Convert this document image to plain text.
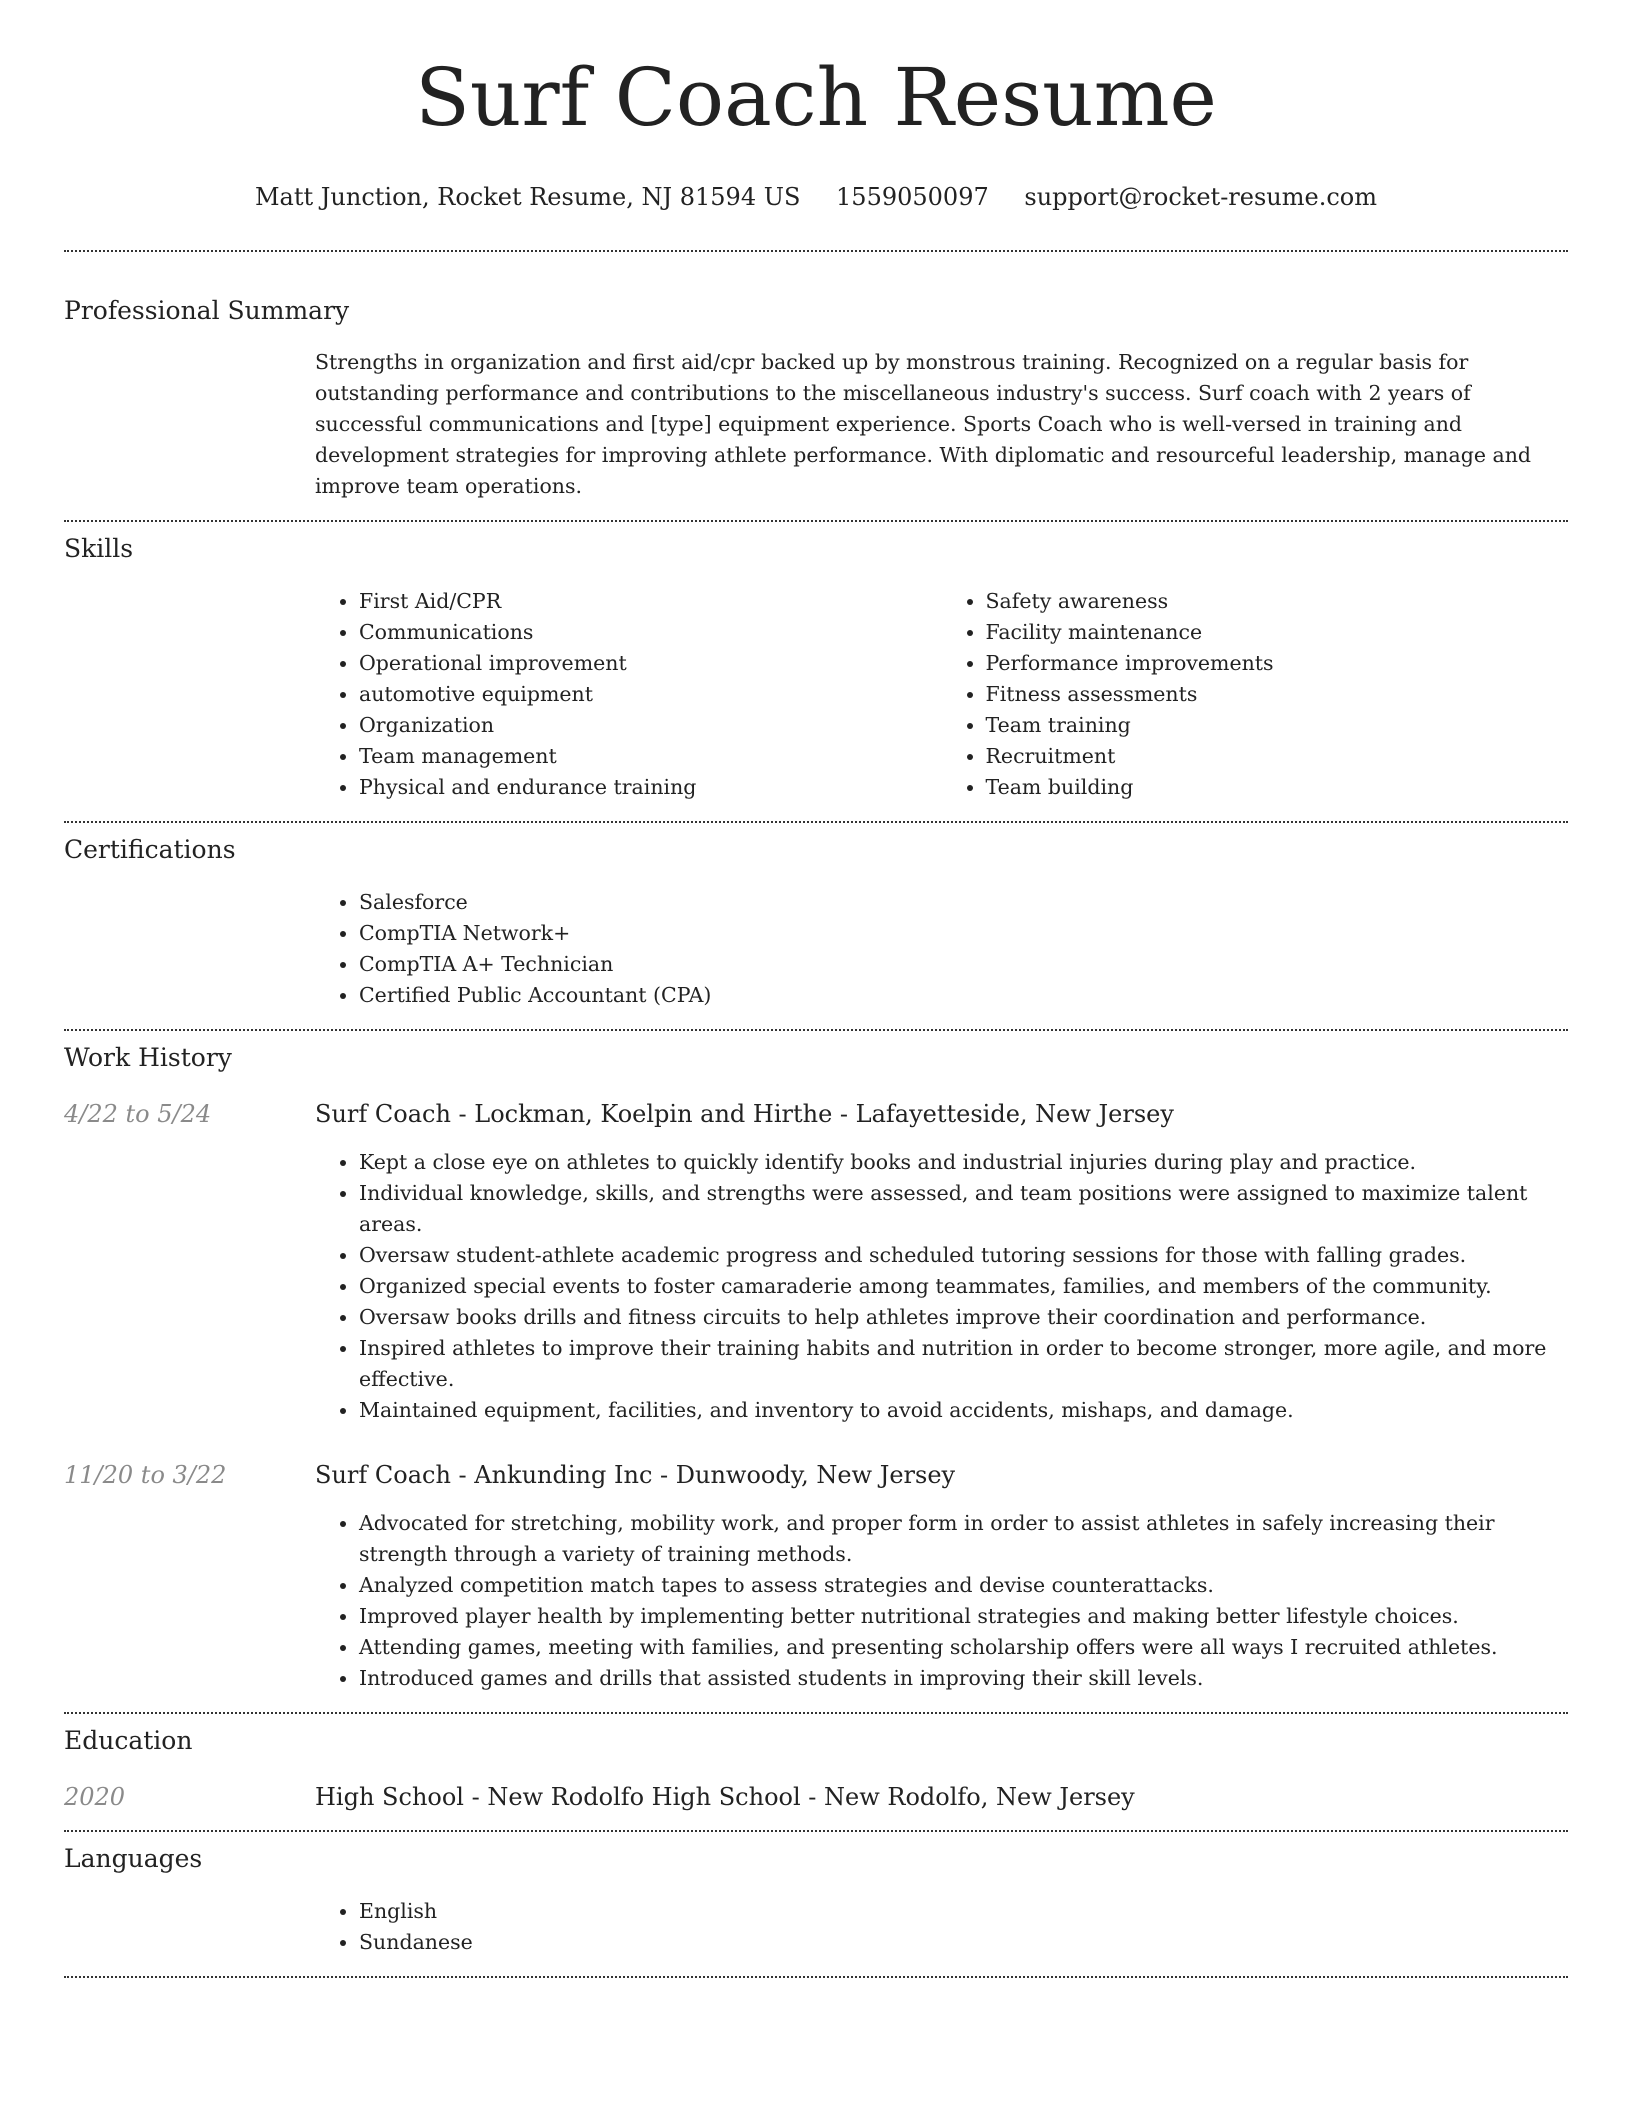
Surf Coach Resume
Matt Junction, Rocket Resume, NJ 81594 US 1559050097 support@rocket-resume.com
Professional Summary

Strengths in organization and first aid/cpr backed up by monstrous training. Recognized on a regular basis for outstanding performance and contributions to the miscellaneous industry's success. Surf coach with 2 years of successful communications and [type] equipment experience. Sports Coach who is well-versed in training and development strategies for improving athlete performance. With diplomatic and resourceful leadership, manage and improve team operations.

Skills
• First Aid/CPR
• Communications
• Operational improvement
• automotive equipment
• Organization
• Team management
• Physical and endurance training
• Safety awareness
• Facility maintenance
• Performance improvements
• Fitness assessments
• Team training
• Recruitment
• Team building
Certifications
• Salesforce
• CompTIA Network+
• CompTIA A+ Technician
• Certified Public Accountant (CPA)
Work History
4/22 to 5/24	Surf Coach - Lockman, Koelpin and Hirthe - Lafayetteside, New Jersey
• Kept a close eye on athletes to quickly identify books and industrial injuries during play and practice.
• Individual knowledge, skills, and strengths were assessed, and team positions were assigned to maximize talent areas.
• Oversaw student-athlete academic progress and scheduled tutoring sessions for those with falling grades.
• Organized special events to foster camaraderie among teammates, families, and members of the community.
• Oversaw books drills and fitness circuits to help athletes improve their coordination and performance.
• Inspired athletes to improve their training habits and nutrition in order to become stronger, more agile, and more effective.
• Maintained equipment, facilities, and inventory to avoid accidents, mishaps, and damage.
11/20 to 3/22	Surf Coach - Ankunding Inc - Dunwoody, New Jersey
• Advocated for stretching, mobility work, and proper form in order to assist athletes in safely increasing their strength through a variety of training methods.
• Analyzed competition match tapes to assess strategies and devise counterattacks.
• Improved player health by implementing better nutritional strategies and making better lifestyle choices.
• Attending games, meeting with families, and presenting scholarship offers were all ways I recruited athletes.
• Introduced games and drills that assisted students in improving their skill levels.
Education
2020	High School - New Rodolfo High School - New Rodolfo, New Jersey
Languages
• English
• Sundanese
